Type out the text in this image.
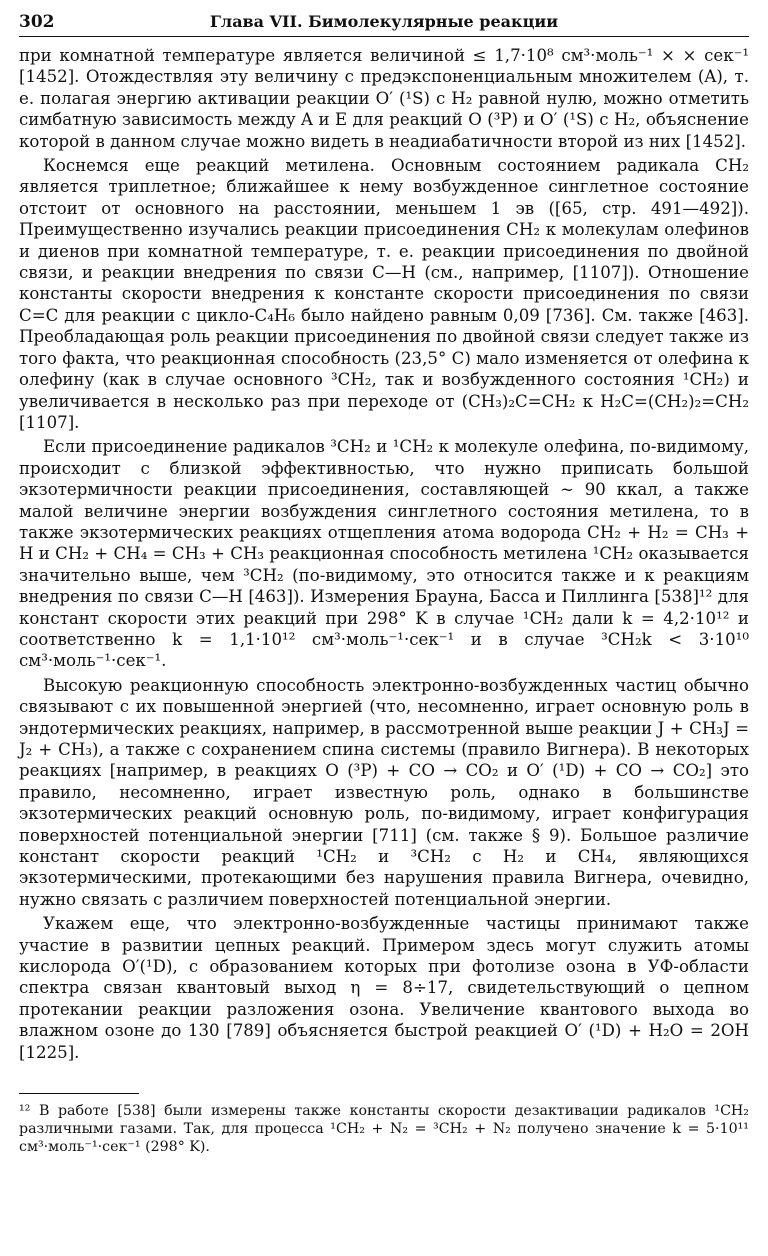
302	Глава VII. Бимолекулярные реакции

при комнатной температуре является величиной ≤ 1,7·10⁸ см³·моль⁻¹ × × сек⁻¹ [1452]. Отождествляя эту величину с предэкспоненциальным множителем (A), т. е. полагая энергию активации реакции O′ (¹S) с H₂ равной нулю, можно отметить симбатную зависимость между A и E для реакций O (³P) и O′ (¹S) с H₂, объяснение которой в данном случае можно видеть в неадиабатичности второй из них [1452].

Коснемся еще реакций метилена. Основным состоянием радикала CH₂ является триплетное; ближайшее к нему возбужденное синглетное состояние отстоит от основного на расстоянии, меньшем 1 эв ([65, стр. 491—492]). Преимущественно изучались реакции присоединения CH₂ к молекулам олефинов и диенов при комнатной температуре, т. е. реакции присоединения по двойной связи, и реакции внедрения по связи C—H (см., например, [1107]). Отношение константы скорости внедрения к константе скорости присоединения по связи C=C для реакции с цикло-C₄H₆ было найдено равным 0,09 [736]. См. также [463]. Преобладающая роль реакции присоединения по двойной связи следует также из того факта, что реакционная способность (23,5° C) мало изменяется от олефина к олефину (как в случае основного ³CH₂, так и возбужденного состояния ¹CH₂) и увеличивается в несколько раз при переходе от (CH₃)₂C=CH₂ к H₂C=(CH₂)₂=CH₂ [1107].

Если присоединение радикалов ³CH₂ и ¹CH₂ к молекуле олефина, по-видимому, происходит с близкой эффективностью, что нужно приписать большой экзотермичности реакции присоединения, составляющей ∼ 90 ккал, а также малой величине энергии возбуждения синглетного состояния метилена, то в также экзотермических реакциях отщепления атома водорода CH₂ + H₂ = CH₃ + H и CH₂ + CH₄ = CH₃ + CH₃ реакционная способность метилена ¹CH₂ оказывается значительно выше, чем ³CH₂ (по-видимому, это относится также и к реакциям внедрения по связи C—H [463]). Измерения Брауна, Басса и Пиллинга [538]¹² для констант скорости этих реакций при 298° K в случае ¹CH₂ дали k = 4,2·10¹² и соответственно k = 1,1·10¹² см³·моль⁻¹·сек⁻¹ и в случае ³CH₂k < 3·10¹⁰ см³·моль⁻¹·сек⁻¹.

Высокую реакционную способность электронно-возбужденных частиц обычно связывают с их повышенной энергией (что, несомненно, играет основную роль в эндотермических реакциях, например, в рассмотренной выше реакции J + CH₃J = J₂ + CH₃), а также с сохранением спина системы (правило Вигнера). В некоторых реакциях [например, в реакциях O (³P) + CO → CO₂ и O′ (¹D) + CO → CO₂] это правило, несомненно, играет известную роль, однако в большинстве экзотермических реакций основную роль, по-видимому, играет конфигурация поверхностей потенциальной энергии [711] (см. также § 9). Большое различие констант скорости реакций ¹CH₂ и ³CH₂ с H₂ и CH₄, являющихся экзотермическими, протекающими без нарушения правила Вигнера, очевидно, нужно связать с различием поверхностей потенциальной энергии.

Укажем еще, что электронно-возбужденные частицы принимают также участие в развитии цепных реакций. Примером здесь могут служить атомы кислорода O′(¹D), с образованием которых при фотолизе озона в УФ-области спектра связан квантовый выход η = 8÷17, свидетельствующий о цепном протекании реакции разложения озона. Увеличение квантового выхода во влажном озоне до 130 [789] объясняется быстрой реакцией O′ (¹D) + H₂O = 2OH [1225].

¹² В работе [538] были измерены также константы скорости дезактивации радикалов ¹CH₂ различными газами. Так, для процесса ¹CH₂ + N₂ = ³CH₂ + N₂ получено значение k = 5·10¹¹ см³·моль⁻¹·сек⁻¹ (298° K).
